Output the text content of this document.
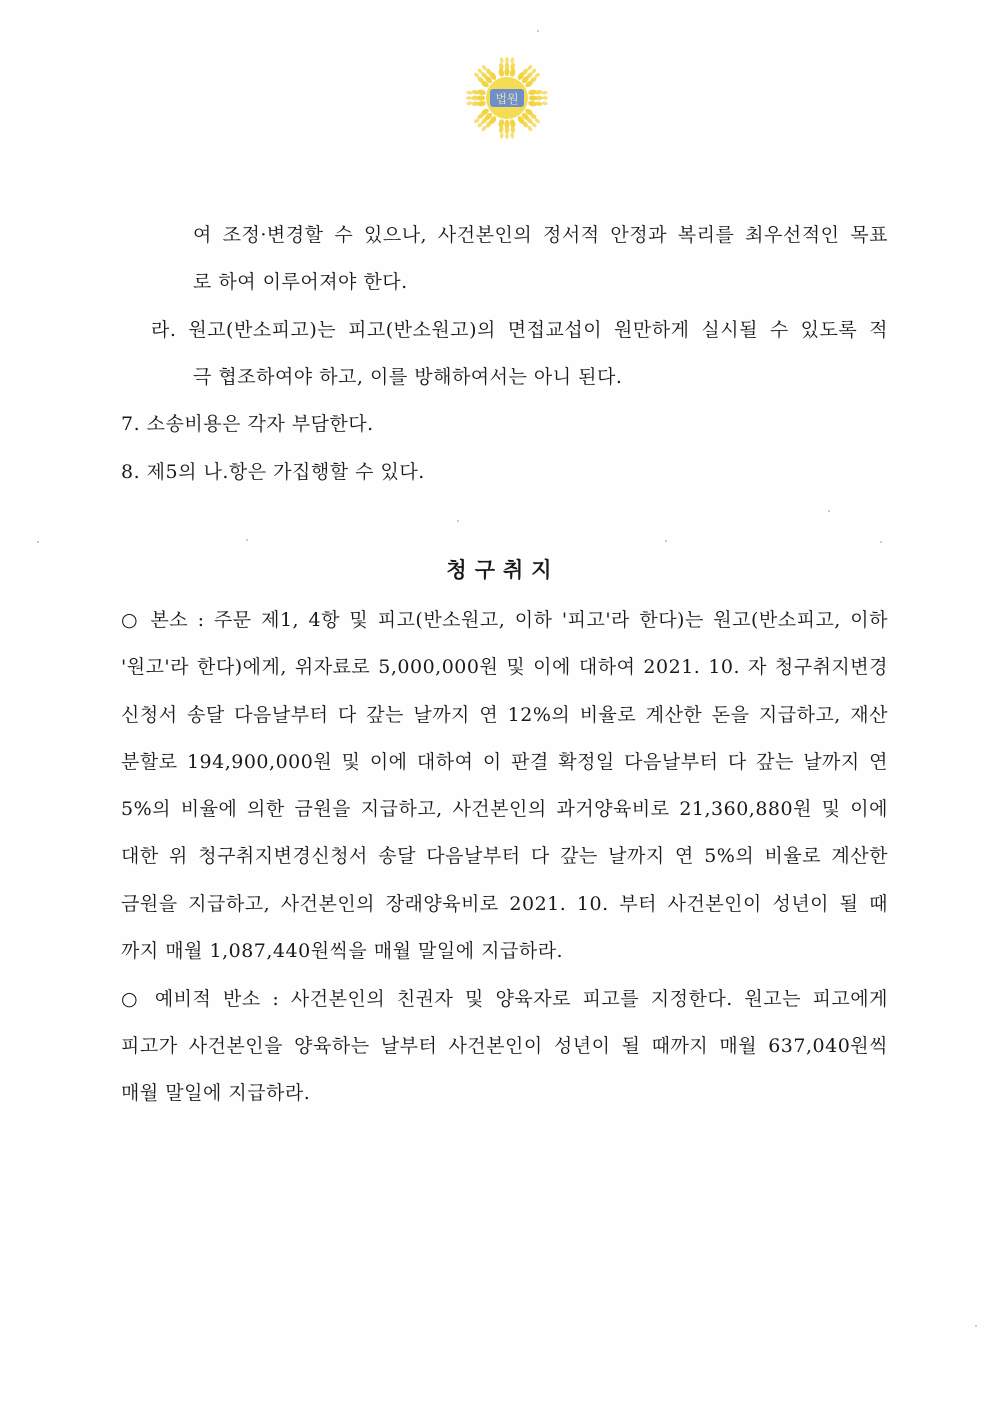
법원
여 조정·변경할 수 있으나, 사건본인의 정서적 안정과 복리를 최우선적인 목표
로 하여 이루어져야 한다.
라. 원고(반소피고)는 피고(반소원고)의 면접교섭이 원만하게 실시될 수 있도록 적
극 협조하여야 하고, 이를 방해하여서는 아니 된다.
7. 소송비용은 각자 부담한다.
8. 제5의 나.항은 가집행할 수 있다.
청구취지
○ 본소 : 주문 제1, 4항 및 피고(반소원고, 이하 '피고'라 한다)는 원고(반소피고, 이하
'원고'라 한다)에게, 위자료로 5,000,000원 및 이에 대하여 2021. 10. 자 청구취지변경
신청서 송달 다음날부터 다 갚는 날까지 연 12%의 비율로 계산한 돈을 지급하고, 재산
분할로 194,900,000원 및 이에 대하여 이 판결 확정일 다음날부터 다 갚는 날까지 연
5%의 비율에 의한 금원을 지급하고, 사건본인의 과거양육비로 21,360,880원 및 이에
대한 위 청구취지변경신청서 송달 다음날부터 다 갚는 날까지 연 5%의 비율로 계산한
금원을 지급하고, 사건본인의 장래양육비로 2021. 10. 부터 사건본인이 성년이 될 때
까지 매월 1,087,440원씩을 매월 말일에 지급하라.
○ 예비적 반소 : 사건본인의 친권자 및 양육자로 피고를 지정한다. 원고는 피고에게
피고가 사건본인을 양육하는 날부터 사건본인이 성년이 될 때까지 매월 637,040원씩
매월 말일에 지급하라.
